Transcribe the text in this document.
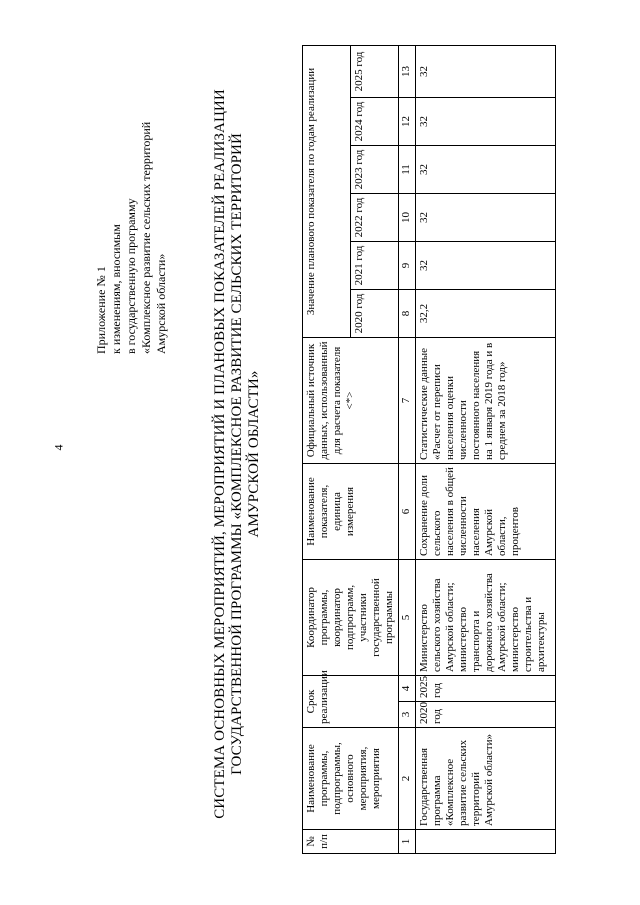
4
Приложение № 1 к изменениям, вносимым в государственную программу «Комплексное развитие сельских территорий Амурской области»	СИСТЕМА ОСНОВНЫХ МЕРОПРИЯТИЙ, МЕРОПРИЯТИЙ И ПЛАНОВЫХ ПОКАЗАТЕЛЕЙ РЕАЛИЗАЦИИ ГОСУДАРСТВЕННОЙ ПРОГРАММЫ «КОМПЛЕКСНОЕ РАЗВИТИЕ СЕЛЬСКИХ ТЕРРИТОРИЙ АМУРСКОЙ ОБЛАСТИ»
№ п/п	Наименование программы, подпрограммы, основного мероприятия, мероприятия	Срок реализации		Координатор программы, координатор подпрограмм, участники государственной программы	Наименование показателя, единица измерения	Официальный источник данных, использованный для расчета показателя <*>	Значение планового показателя по годам реализации					
							2020 год	2021 год	2022 год	2023 год	2024 год	2025 год
1	2	3	4	5	6	7	8	9	10	11	12	13
	Государственная программа «Комплексное развитие сельских территорий Амурской области»	2020 год	2025 год	Министерство сельского хозяйства Амурской области; министерство транспорта и дорожного хозяйства Амурской области; министерство строительства и архитектуры	Сохранение доли сельского населения в общей численности населения Амурской области, процентов	Статистические данные «Расчет от переписи населения оценки численности постоянного населения на 1 января 2019 года и в среднем за 2018 год»	32,2	32	32	32	32	32
